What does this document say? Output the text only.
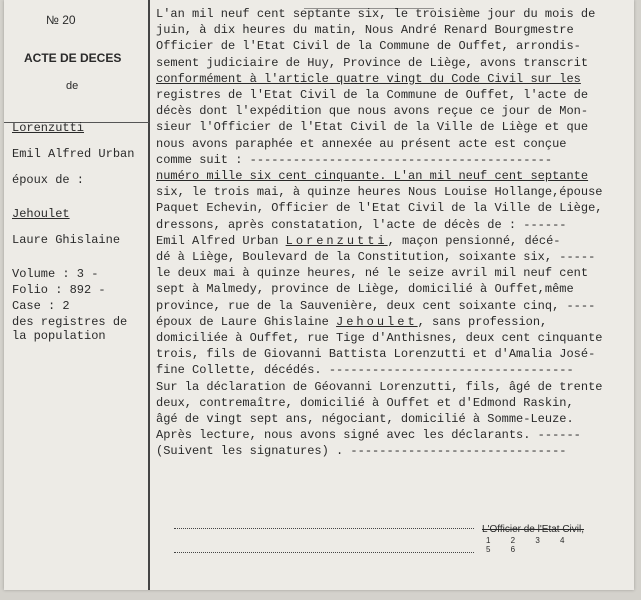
№ 20
ACTE DE DECES
de
Lorenzutti
Emil Alfred Urban
époux de :
Jehoulet
Laure Ghislaine
Volume : 3 -
Folio : 892 -
Case : 2
des registres de
la population
L'an mil neuf cent septante six, le troisième jour du mois de
juin, à dix heures du matin, Nous André Renard Bourgmestre
Officier de l'Etat Civil de la Commune de Ouffet, arrondis-
sement judiciaire de Huy, Province de Liège, avons transcrit
conformément à l'article quatre vingt du Code Civil sur les
registres de l'Etat Civil de la Commune de Ouffet, l'acte de
décès dont l'expédition que nous avons reçue ce jour de Mon-
sieur l'Officier de l'Etat Civil de la Ville de Liège et que
nous avons paraphée et annexée au présent acte est conçue
comme suit : ------------------------------------------
numéro mille six cent cinquante. L'an mil neuf cent septante
six, le trois mai, à quinze heures Nous Louise Hollange,épouse
Paquet Echevin, Officier de l'Etat Civil de la Ville de Liège,
dressons, après constatation, l'acte de décès de : ------
Emil Alfred Urban Lorenzutti, maçon pensionné, décé-
dé à Liège, Boulevard de la Constitution, soixante six, -----
le deux mai à quinze heures, né le seize avril mil neuf cent
sept à Malmedy, province de Liège, domicilié à Ouffet,même
province, rue de la Sauvenière, deux cent soixante cinq, ----
époux de Laure Ghislaine Jehoulet, sans profession,
domiciliée à Ouffet, rue Tige d'Anthisnes, deux cent cinquante
trois, fils de Giovanni Battista Lorenzutti et d'Amalia José-
fine Collette, décédés. ----------------------------------
Sur la déclaration de Géovanni Lorenzutti, fils, âgé de trente
deux, contremaître, domicilié à Ouffet et d'Edmond Raskin,
âgé de vingt sept ans, négociant, domicilié à Somme-Leuze.
Après lecture, nous avons signé avec les déclarants. ------
(Suivent les signatures) . ------------------------------
L'Officier de l'Etat Civil,
1 2 3 4 5 6
